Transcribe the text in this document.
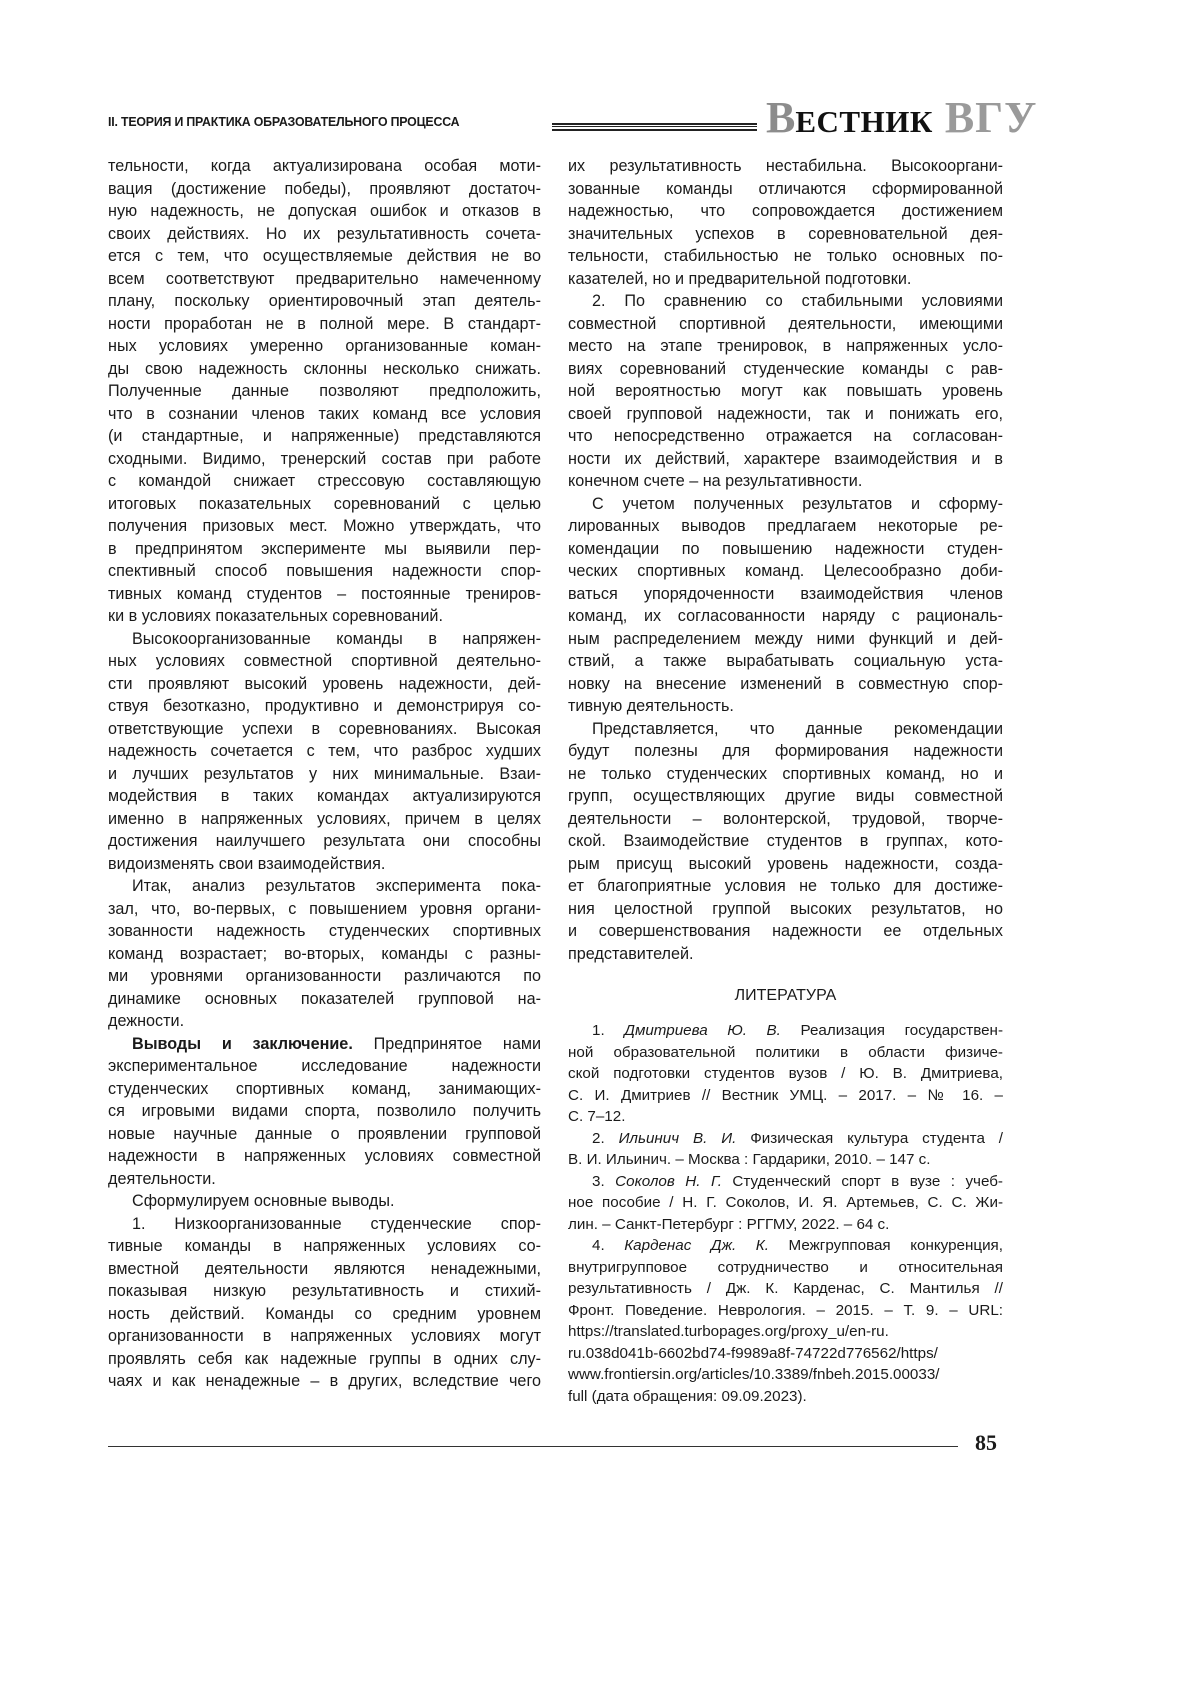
II. ТЕОРИЯ И ПРАКТИКА ОБРАЗОВАТЕЛЬНОГО ПРОЦЕССА	ВЕСТНИК ВГУ
тельности, когда актуализирована особая моти-
вация (достижение победы), проявляют достаточ-
ную надежность, не допуская ошибок и отказов в
своих действиях. Но их результативность сочета-
ется с тем, что осуществляемые действия не во
всем соответствуют предварительно намеченному
плану, поскольку ориентировочный этап деятель-
ности проработан не в полной мере. В стандарт-
ных условиях умеренно организованные коман-
ды свою надежность склонны несколько снижать.
Полученные данные позволяют предположить,
что в сознании членов таких команд все условия
(и стандартные, и напряженные) представляются
сходными. Видимо, тренерский состав при работе
с командой снижает стрессовую составляющую
итоговых показательных соревнований с целью
получения призовых мест. Можно утверждать, что
в предпринятом эксперименте мы выявили пер-
спективный способ повышения надежности спор-
тивных команд студентов – постоянные трениров-
ки в условиях показательных соревнований.
Высокоорганизованные команды в напряжен-
ных условиях совместной спортивной деятельно-
сти проявляют высокий уровень надежности, дей-
ствуя безотказно, продуктивно и демонстрируя со-
ответствующие успехи в соревнованиях. Высокая
надежность сочетается с тем, что разброс худших
и лучших результатов у них минимальные. Взаи-
модействия в таких командах актуализируются
именно в напряженных условиях, причем в целях
достижения наилучшего результата они способны
видоизменять свои взаимодействия.
Итак, анализ результатов эксперимента пока-
зал, что, во-первых, с повышением уровня органи-
зованности надежность студенческих спортивных
команд возрастает; во-вторых, команды с разны-
ми уровнями организованности различаются по
динамике основных показателей групповой на-
дежности.
Выводы и заключение. Предпринятое нами
экспериментальное исследование надежности
студенческих спортивных команд, занимающих-
ся игровыми видами спорта, позволило получить
новые научные данные о проявлении групповой
надежности в напряженных условиях совместной
деятельности.
Сформулируем основные выводы.
1. Низкоорганизованные студенческие спор-
тивные команды в напряженных условиях со-
вместной деятельности являются ненадежными,
показывая низкую результативность и стихий-
ность действий. Команды со средним уровнем
организованности в напряженных условиях могут
проявлять себя как надежные группы в одних слу-
чаях и как ненадежные – в других, вследствие чего
их результативность нестабильна. Высокооргани-
зованные команды отличаются сформированной
надежностью, что сопровождается достижением
значительных успехов в соревновательной дея-
тельности, стабильностью не только основных по-
казателей, но и предварительной подготовки.
2. По сравнению со стабильными условиями
совместной спортивной деятельности, имеющими
место на этапе тренировок, в напряженных усло-
виях соревнований студенческие команды с рав-
ной вероятностью могут как повышать уровень
своей групповой надежности, так и понижать его,
что непосредственно отражается на согласован-
ности их действий, характере взаимодействия и в
конечном счете – на результативности.
С учетом полученных результатов и сформу-
лированных выводов предлагаем некоторые ре-
комендации по повышению надежности студен-
ческих спортивных команд. Целесообразно доби-
ваться упорядоченности взаимодействия членов
команд, их согласованности наряду с рациональ-
ным распределением между ними функций и дей-
ствий, а также вырабатывать социальную уста-
новку на внесение изменений в совместную спор-
тивную деятельность.
Представляется, что данные рекомендации
будут полезны для формирования надежности
не только студенческих спортивных команд, но и
групп, осуществляющих другие виды совместной
деятельности – волонтерской, трудовой, творче-
ской. Взаимодействие студентов в группах, кото-
рым присущ высокий уровень надежности, созда-
ет благоприятные условия не только для достиже-
ния целостной группой высоких результатов, но
и совершенствования надежности ее отдельных
представителей.
ЛИТЕРАТУРА
1. Дмитриева Ю. В. Реализация государствен-
ной образовательной политики в области физиче-
ской подготовки студентов вузов / Ю. В. Дмитриева,
С. И. Дмитриев // Вестник УМЦ. – 2017. – № 16. –
С. 7–12.
2. Ильинич В. И. Физическая культура студента /
В. И. Ильинич. – Москва : Гардарики, 2010. – 147 с.
3. Соколов Н. Г. Студенческий спорт в вузе : учеб-
ное пособие / Н. Г. Соколов, И. Я. Артемьев, С. С. Жи-
лин. – Санкт-Петербург : РГГМУ, 2022. – 64 с.
4. Карденас Дж. К. Межгрупповая конкуренция,
внутригрупповое сотрудничество и относительная
результативность / Дж. К. Карденас, С. Мантилья //
Фронт. Поведение. Неврология. – 2015. – Т. 9. – URL:
https://translated.turbopages.org/proxy_u/en-ru.
ru.038d041b-6602bd74-f9989a8f-74722d776562/https/
www.frontiersin.org/articles/10.3389/fnbeh.2015.00033/
full (дата обращения: 09.09.2023).
85
